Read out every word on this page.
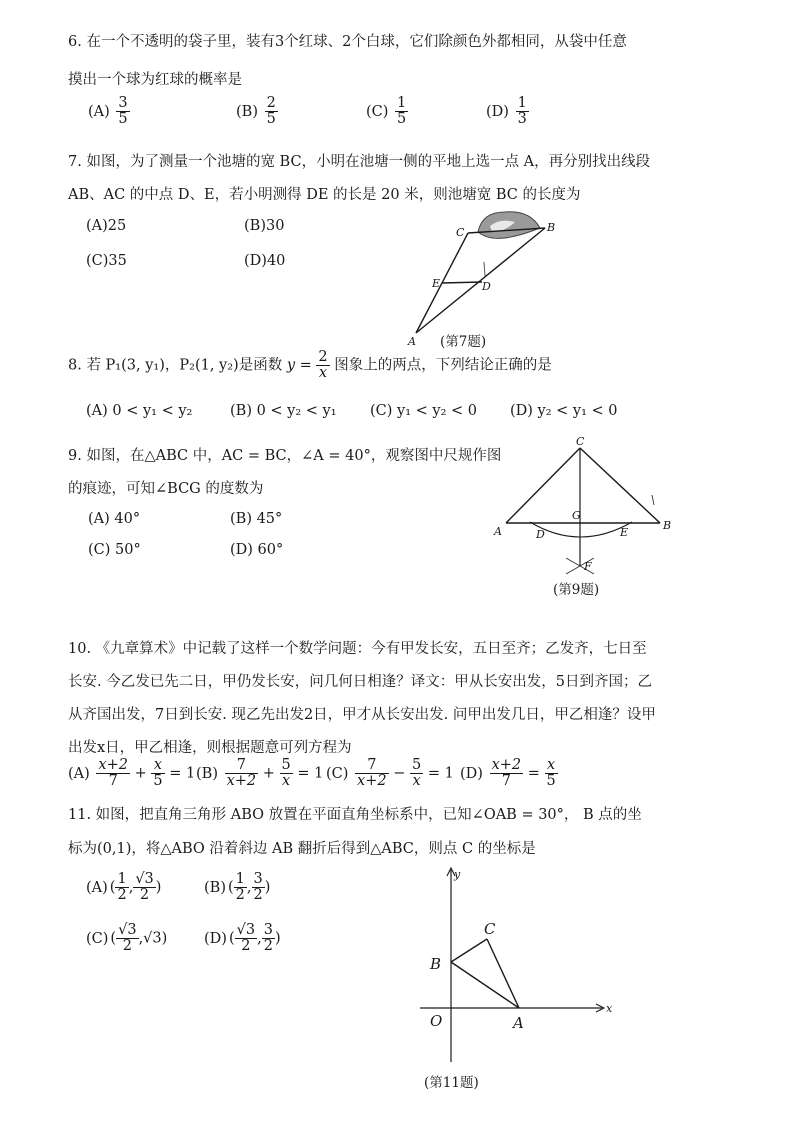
6. 在一个不透明的袋子里，装有3个红球、2个白球，它们除颜色外都相同，从袋中任意
摸出一个球为红球的概率是
$(A) \frac{3}{5}$	$(B) \frac{2}{5}$	$(C) \frac{1}{5}$	$(D) \frac{1}{3}$
7. 如图，为了测量一个池塘的宽 BC，小明在池塘一侧的平地上选一点 A，再分别找出线段
AB、AC 的中点 D、E，若小明测得 DE 的长是 20 米，则池塘宽 BC 的长度为
(A)25	(B)30
(C)35	(D)40
C	B
E	D
A (第7题)
8. 若 P₁(3, y₁)，P₂(1, y₂)是函数 $y = \frac{2}{x}$ 图象上的两点，下列结论正确的是
(A) 0 < y₁ < y₂	(B) 0 < y₂ < y₁ (C) y₁ < y₂ < 0 (D) y₂ < y₁ < 0
9. 如图，在△ABC 中，AC = BC，∠A = 40°，观察图中尺规作图
的痕迹，可知∠BCG 的度数为
(A) 40°	(B) 45°
(C) 50°	(D) 60°
C
A	B
G
D	E
F
(第9题)
10. 《九章算术》中记载了这样一个数学问题：今有甲发长安，五日至齐；乙发齐，七日至
长安. 今乙发已先二日，甲仍发长安，问几何日相逢？译文：甲从长安出发，5日到齐国；乙
从齐国出发，7日到长安. 现乙先出发2日，甲才从长安出发. 问甲出发几日，甲乙相逢？设甲
出发x日，甲乙相逢，则根据题意可列方程为
$(A) \frac{x+2}{7} + \frac{x}{5} = 1$ $(B) \frac{7}{x+2} + \frac{5}{x} = 1$ $(C) \frac{7}{x+2} - \frac{5}{x} = 1$ $(D) \frac{x+2}{7} = \frac{x}{5}$
11. 如图，把直角三角形 ABO 放置在平面直角坐标系中，已知∠OAB = 30°， B 点的坐
标为(0,1)，将△ABO 沿着斜边 AB 翻折后得到△ABC，则点 C 的坐标是
(A) ( $\frac{1}{2}$ , $\frac{√3}{2}$ )	(B) ( $\frac{1}{2}$ , $\frac{3}{2}$ )
(C) ( $\frac{√3}{2} ,√3$)	(D) ( $\frac{√3}{2}$ , $\frac{3}{2}$ )
x
y
O	A
B
C
(第11题)
